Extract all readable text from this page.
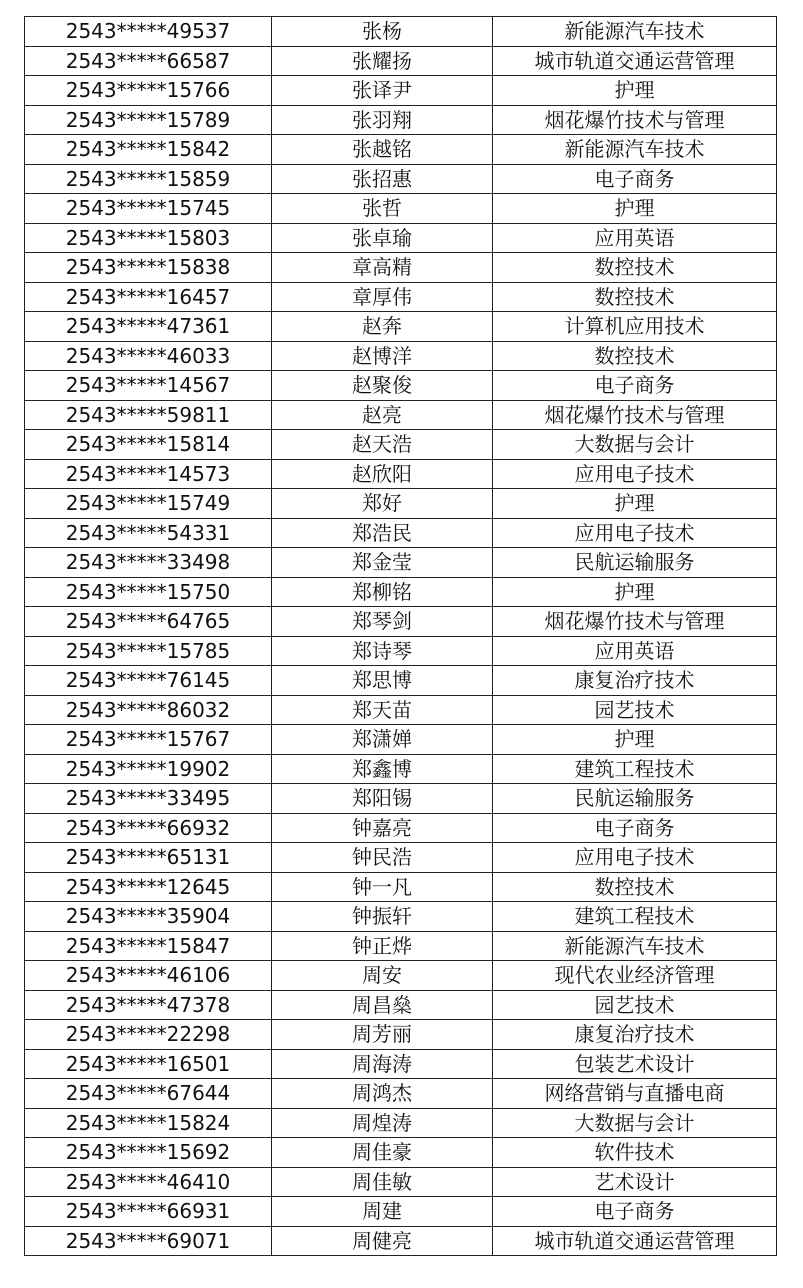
2543*****49537	张杨	新能源汽车技术
2543*****66587	张耀扬	城市轨道交通运营管理
2543*****15766	张译尹	护理
2543*****15789	张羽翔	烟花爆竹技术与管理
2543*****15842	张越铭	新能源汽车技术
2543*****15859	张招惠	电子商务
2543*****15745	张哲	护理
2543*****15803	张卓瑜	应用英语
2543*****15838	章高精	数控技术
2543*****16457	章厚伟	数控技术
2543*****47361	赵奔	计算机应用技术
2543*****46033	赵博洋	数控技术
2543*****14567	赵聚俊	电子商务
2543*****59811	赵亮	烟花爆竹技术与管理
2543*****15814	赵天浩	大数据与会计
2543*****14573	赵欣阳	应用电子技术
2543*****15749	郑好	护理
2543*****54331	郑浩民	应用电子技术
2543*****33498	郑金莹	民航运输服务
2543*****15750	郑柳铭	护理
2543*****64765	郑琴剑	烟花爆竹技术与管理
2543*****15785	郑诗琴	应用英语
2543*****76145	郑思博	康复治疗技术
2543*****86032	郑天苗	园艺技术
2543*****15767	郑潇婵	护理
2543*****19902	郑鑫博	建筑工程技术
2543*****33495	郑阳锡	民航运输服务
2543*****66932	钟嘉亮	电子商务
2543*****65131	钟民浩	应用电子技术
2543*****12645	钟一凡	数控技术
2543*****35904	钟振轩	建筑工程技术
2543*****15847	钟正烨	新能源汽车技术
2543*****46106	周安	现代农业经济管理
2543*****47378	周昌燊	园艺技术
2543*****22298	周芳丽	康复治疗技术
2543*****16501	周海涛	包装艺术设计
2543*****67644	周鸿杰	网络营销与直播电商
2543*****15824	周煌涛	大数据与会计
2543*****15692	周佳豪	软件技术
2543*****46410	周佳敏	艺术设计
2543*****66931	周建	电子商务
2543*****69071	周健亮	城市轨道交通运营管理
